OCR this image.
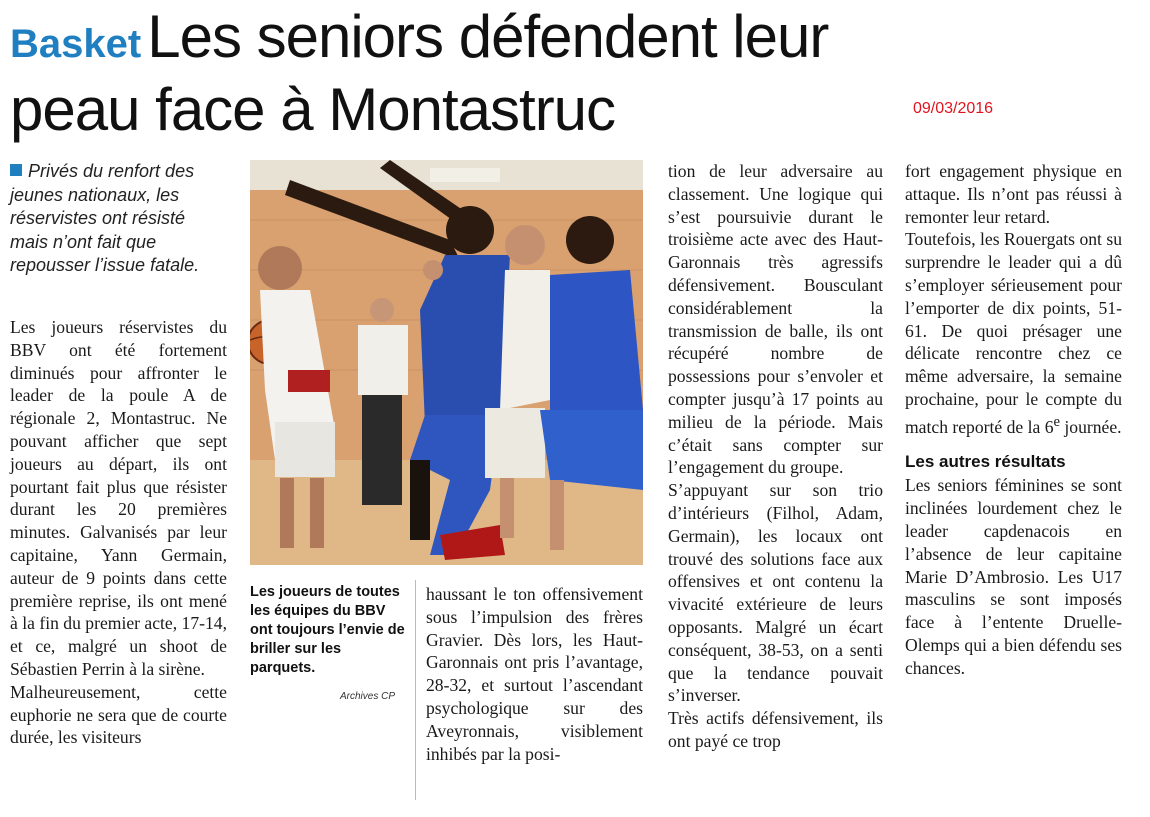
Basket Les seniors défendent leur peau face à Montastruc	09/03/2016
Privés du renfort des jeunes nationaux, les réservistes ont résisté mais n’ont fait que repousser l’issue fatale.

Les joueurs réservistes du BBV ont été fortement diminués pour affronter le leader de la poule A de régionale 2, Montastruc. Ne pouvant afficher que sept joueurs au départ, ils ont pourtant fait plus que résister durant les 20 premières minutes. Galvanisés par leur capitaine, Yann Germain, auteur de 9 points dans cette première reprise, ils ont mené à la fin du premier acte, 17-14, et ce, malgré un shoot de Sébastien Perrin à la sirène.

Malheureusement, cette euphorie ne sera que de courte durée, les visiteurs

Les joueurs de toutes les équipes du BBV ont toujours l’envie de briller sur les parquets.
Archives CP

haussant le ton offensivement sous l’impulsion des frères Gravier. Dès lors, les Haut-Garonnais ont pris l’avantage, 28-32, et surtout l’ascendant psychologique sur des Aveyronnais, visiblement inhibés par la posi-

tion de leur adversaire au classement. Une logique qui s’est poursuivie durant le troisième acte avec des Haut-Garonnais très agressifs défensivement. Bousculant considérablement la transmission de balle, ils ont récupéré nombre de possessions pour s’envoler et compter jusqu’à 17 points au milieu de la période. Mais c’était sans compter sur l’engagement du groupe.

S’appuyant sur son trio d’intérieurs (Filhol, Adam, Germain), les locaux ont trouvé des solutions face aux offensives et ont contenu la vivacité extérieure de leurs opposants. Malgré un écart conséquent, 38-53, on a senti que la tendance pouvait s’inverser.

Très actifs défensivement, ils ont payé ce trop

fort engagement physique en attaque. Ils n’ont pas réussi à remonter leur retard.

Toutefois, les Rouergats ont su surprendre le leader qui a dû s’employer sérieusement pour l’emporter de dix points, 51-61. De quoi présager une délicate rencontre chez ce même adversaire, la semaine prochaine, pour le compte du match reporté de la 6e journée.

Les autres résultats

Les seniors féminines se sont inclinées lourdement chez le leader capdenacois en l’absence de leur capitaine Marie D’Ambrosio. Les U17 masculins se sont imposés face à l’entente Druelle-Olemps qui a bien défendu ses chances.
